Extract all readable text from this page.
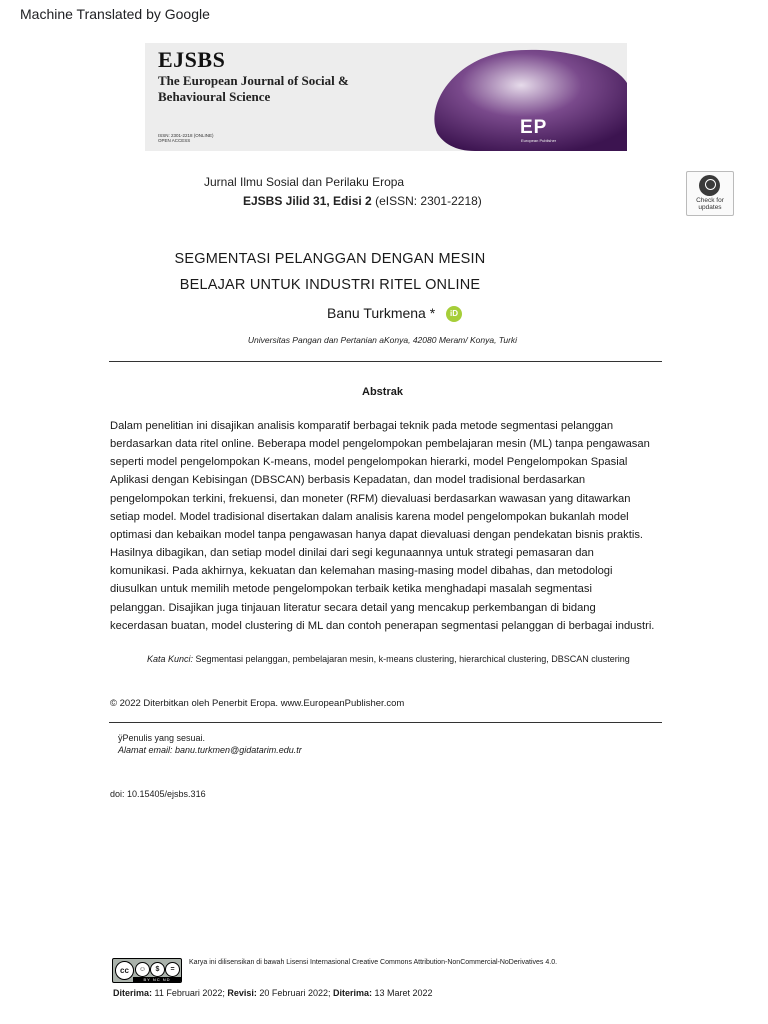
Machine Translated by Google
EJSBS
The European Journal of Social & Behavioural Science
ISSN: 2301-2218 (ONLINE)
OPEN ACCESS
EP
European Publisher
Check for
updates
Jurnal Ilmu Sosial dan Perilaku Eropa
EJSBS Jilid 31, Edisi 2 (eISSN: 2301-2218)
SEGMENTASI PELANGGAN DENGAN MESIN
BELAJAR UNTUK INDUSTRI RITEL ONLINE
Banu Turkmena *	iD
Universitas Pangan dan Pertanian aKonya, 42080 Meram/ Konya, Turki
Abstrak
Dalam penelitian ini disajikan analisis komparatif berbagai teknik pada metode segmentasi pelanggan
berdasarkan data ritel online. Beberapa model pengelompokan pembelajaran mesin (ML) tanpa pengawasan
seperti model pengelompokan K-means, model pengelompokan hierarki, model Pengelompokan Spasial
Aplikasi dengan Kebisingan (DBSCAN) berbasis Kepadatan, dan model tradisional berdasarkan
pengelompokan terkini, frekuensi, dan moneter (RFM) dievaluasi berdasarkan wawasan yang ditawarkan
setiap model. Model tradisional disertakan dalam analisis karena model pengelompokan bukanlah model
optimasi dan kebaikan model tanpa pengawasan hanya dapat dievaluasi dengan pendekatan bisnis praktis.
Hasilnya dibagikan, dan setiap model dinilai dari segi kegunaannya untuk strategi pemasaran dan
komunikasi. Pada akhirnya, kekuatan dan kelemahan masing-masing model dibahas, dan metodologi
diusulkan untuk memilih metode pengelompokan terbaik ketika menghadapi masalah segmentasi
pelanggan. Disajikan juga tinjauan literatur secara detail yang mencakup perkembangan di bidang
kecerdasan buatan, model clustering di ML dan contoh penerapan segmentasi pelanggan di berbagai industri.
Kata Kunci: Segmentasi pelanggan, pembelajaran mesin, k-means clustering, hierarchical clustering, DBSCAN clustering
© 2022 Diterbitkan oleh Penerbit Eropa. www.EuropeanPublisher.com
ÿPenulis yang sesuai.
Alamat email: banu.turkmen@gidatarim.edu.tr
doi: 10.15405/ejsbs.316
cc	☺	$	=
BY NC ND
Karya ini dilisensikan di bawah Lisensi Internasional Creative Commons Attribution-NonCommercial-NoDerivatives 4.0.
Diterima: 11 Februari 2022; Revisi: 20 Februari 2022; Diterima: 13 Maret 2022
